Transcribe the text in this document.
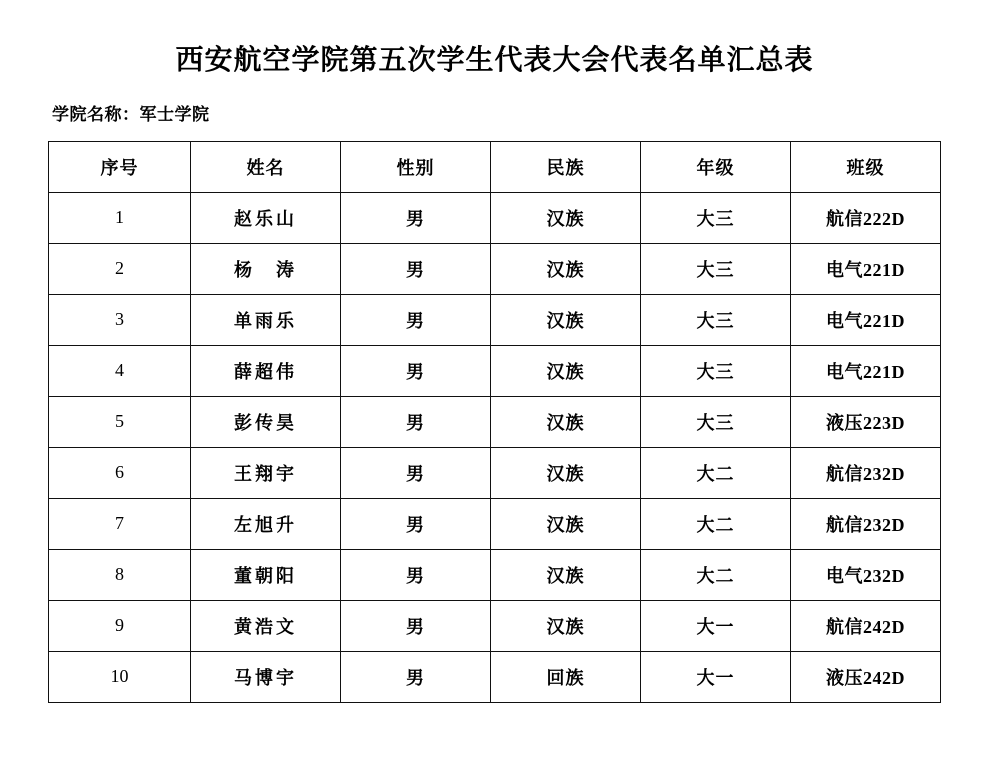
西安航空学院第五次学生代表大会代表名单汇总表
学院名称：军士学院
序号	姓名	性别	民族	年级	班级
1	赵乐山	男	汉族	大三	航信222D
2	杨　涛	男	汉族	大三	电气221D
3	单雨乐	男	汉族	大三	电气221D
4	薛超伟	男	汉族	大三	电气221D
5	彭传昊	男	汉族	大三	液压223D
6	王翔宇	男	汉族	大二	航信232D
7	左旭升	男	汉族	大二	航信232D
8	董朝阳	男	汉族	大二	电气232D
9	黄浩文	男	汉族	大一	航信242D
10	马博宇	男	回族	大一	液压242D
